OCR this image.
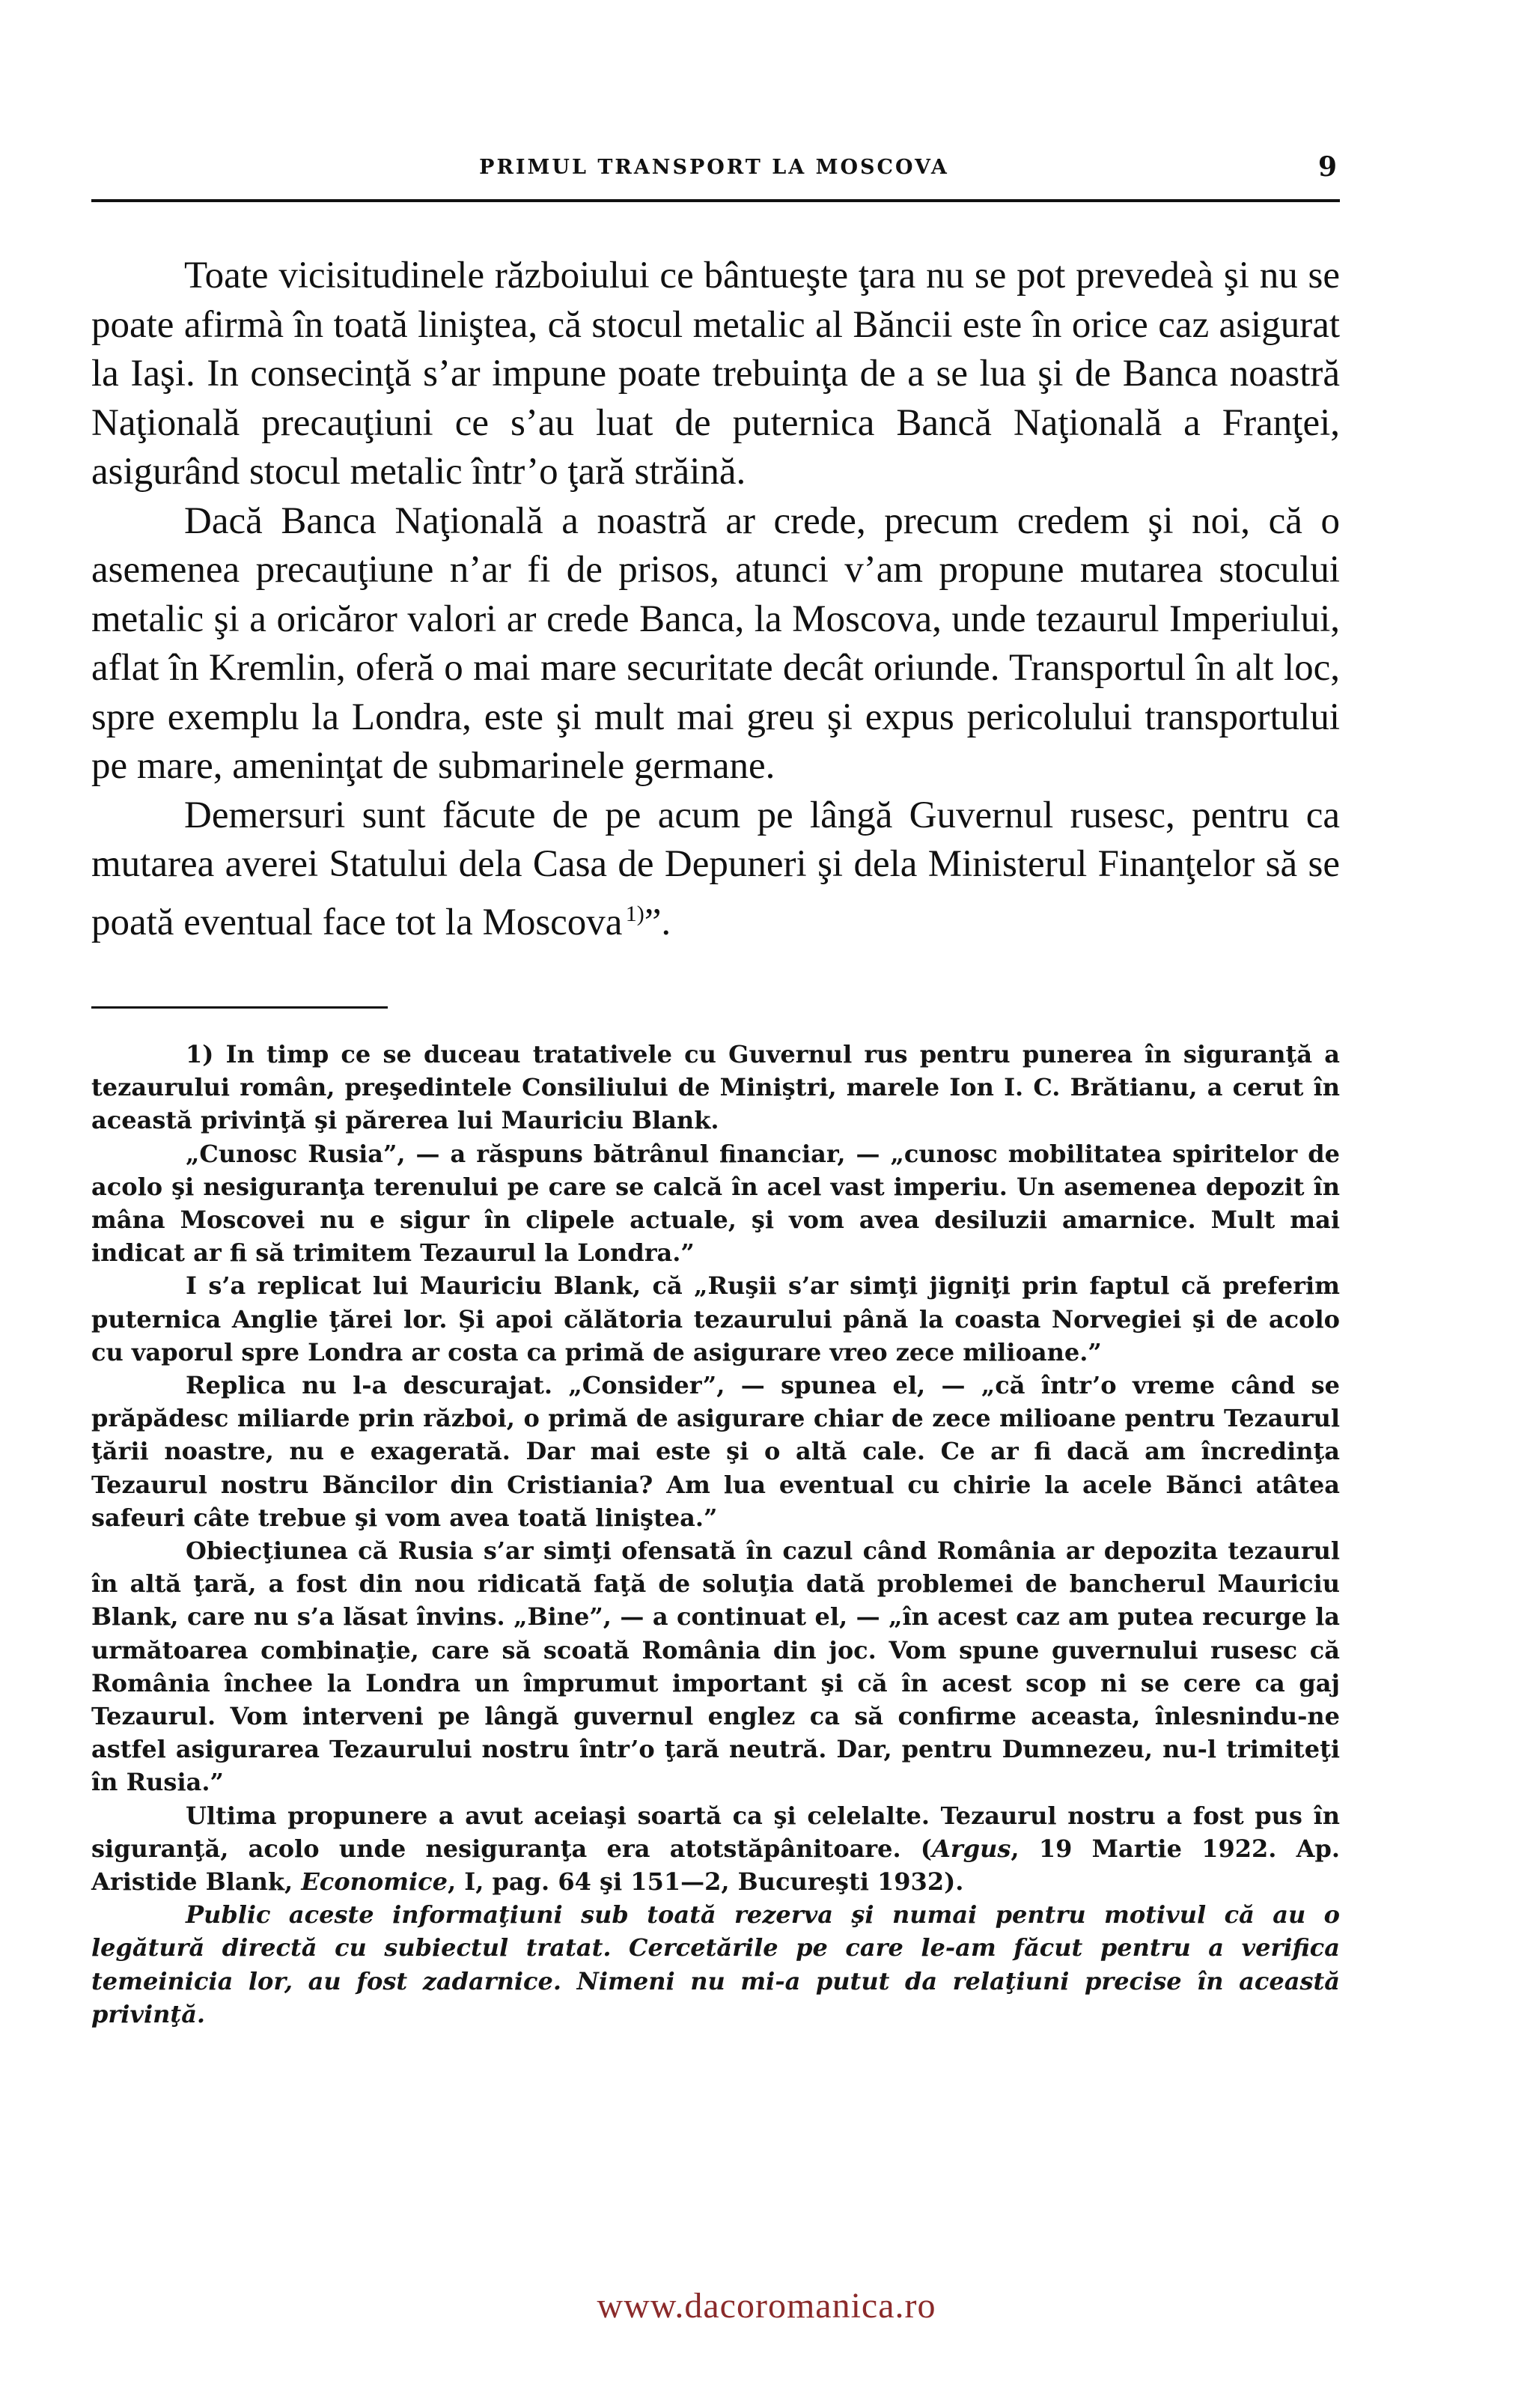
PRIMUL TRANSPORT LA MOSCOVA	9

Toate vicisitudinele războiului ce bântueşte ţara nu se pot prevedeà şi nu se poate afirmà în toată liniştea, că stocul metalic al Băncii este în orice caz asigurat la Iaşi. In consecinţă s’ar impune poate trebuinţa de a se lua şi de Banca noastră Naţională precauţiuni ce s’au luat de puternica Bancă Naţională a Franţei, asigurând stocul metalic într’o ţară străină.

Dacă Banca Naţională a noastră ar crede, precum credem şi noi, că o asemenea precauţiune n’ar fi de prisos, atunci v’am propune mutarea stocului metalic şi a oricăror valori ar crede Banca, la Moscova, unde tezaurul Imperiului, aflat în Kremlin, oferă o mai mare securitate decât oriunde. Transportul în alt loc, spre exemplu la Londra, este şi mult mai greu şi expus pericolului transportului pe mare, ameninţat de submarinele germane.

Demersuri sunt făcute de pe acum pe lângă Guvernul rusesc, pentru ca mutarea averei Statului dela Casa de Depuneri şi dela Ministerul Finanţelor să se poată eventual face tot la Moscova  $^{1)}$”.

1) In timp ce se duceau tratativele cu Guvernul rus pentru punerea în siguranţă a tezaurului român, preşedintele Consiliului de Miniştri, marele Ion I. C. Brătianu, a cerut în această privinţă şi părerea lui Mauriciu Blank.

„Cunosc Rusia”, — a răspuns bătrânul financiar, — „cunosc mobilitatea spiritelor de acolo şi nesiguranţa terenului pe care se calcă în acel vast imperiu. Un asemenea depozit în mâna Moscovei nu e sigur în clipele actuale, şi vom avea desiluzii amarnice. Mult mai indicat ar fi să trimitem Tezaurul la Londra.”

I s’a replicat lui Mauriciu Blank, că „Ruşii s’ar simţi jigniţi prin faptul că preferim puternica Anglie ţărei lor. Şi apoi călătoria tezaurului până la coasta Norvegiei şi de acolo cu vaporul spre Londra ar costa ca primă de asigurare vreo zece milioane.”

Replica nu l-a descurajat. „Consider”, — spunea el, — „că într’o vreme când se prăpădesc miliarde prin război, o primă de asigurare chiar de zece milioane pentru Tezaurul ţării noastre, nu e exagerată. Dar mai este şi o altă cale. Ce ar fi dacă am încredinţa Tezaurul nostru Băncilor din Cristiania? Am lua eventual cu chirie la acele Bănci atâtea safeuri câte trebue şi vom avea toată liniştea.”

Obiecţiunea că Rusia s’ar simţi ofensată în cazul când România ar depozita tezaurul în altă ţară, a fost din nou ridicată faţă de soluţia dată problemei de bancherul Mauriciu Blank, care nu s’a lăsat învins. „Bine”, — a continuat el, — „în acest caz am putea recurge la următoarea combinaţie, care să scoată România din joc. Vom spune guvernului rusesc că România închee la Londra un împrumut important şi că în acest scop ni se cere ca gaj Tezaurul. Vom interveni pe lângă guvernul englez ca să confirme aceasta, înlesnindu-ne astfel asigurarea Tezaurului nostru într’o ţară neutră. Dar, pentru Dumnezeu, nu-l trimiteţi în Rusia.”

Ultima propunere a avut aceiaşi soartă ca şi celelalte. Tezaurul nostru a fost pus în siguranţă, acolo unde nesiguranţa era atotstăpânitoare. (Argus, 19 Martie 1922. Ap. Aristide Blank, Economice, I, pag. 64 şi 151—2, Bucureşti 1932).

Public aceste informaţiuni sub toată rezerva şi numai pentru motivul că au o legătură directă cu subiectul tratat. Cercetările pe care le-am făcut pentru a verifica temeinicia lor, au fost zadarnice. Nimeni nu mi-a putut da relaţiuni precise în această privinţă.

www.dacoromanica.ro
